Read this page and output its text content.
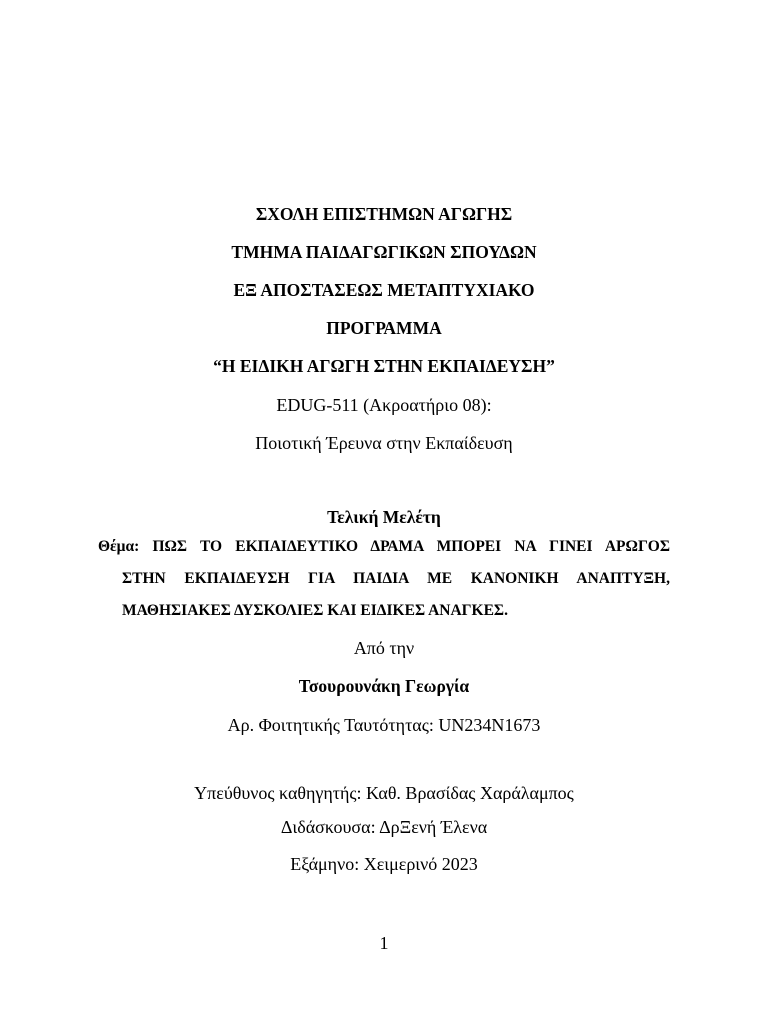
ΣΧΟΛΗ ΕΠΙΣΤΗΜΩΝ ΑΓΩΓΗΣ
ΤΜΗΜΑ ΠΑΙΔΑΓΩΓΙΚΩΝ ΣΠΟΥΔΩΝ
ΕΞ ΑΠΟΣΤΑΣΕΩΣ ΜΕΤΑΠΤΥΧΙΑΚΟ
ΠΡΟΓΡΑΜΜΑ
“Η ΕΙΔΙΚΗ ΑΓΩΓΗ ΣΤΗΝ ΕΚΠΑΙΔΕΥΣΗ”
EDUG-511 (Ακροατήριο 08):
Ποιοτική Έρευνα στην Εκπαίδευση
Τελική Μελέτη
Θέμα: ΠΩΣ ΤΟ ΕΚΠΑΙΔΕΥΤΙΚΟ ΔΡΑΜΑ ΜΠΟΡΕΙ ΝΑ ΓΙΝΕΙ ΑΡΩΓΟΣ
ΣΤΗΝ ΕΚΠΑΙΔΕΥΣΗ ΓΙΑ ΠΑΙΔΙΑ ΜΕ ΚΑΝΟΝΙΚΗ ΑΝΑΠΤΥΞΗ,
ΜΑΘΗΣΙΑΚΕΣ ΔΥΣΚΟΛΙΕΣ ΚΑΙ ΕΙΔΙΚΕΣ ΑΝΑΓΚΕΣ.
Από την
Τσουρουνάκη Γεωργία
Αρ. Φοιτητικής Ταυτότητας: UN234N1673
Υπεύθυνος καθηγητής: Καθ. Βρασίδας Χαράλαμπος
Διδάσκουσα: ΔρΞενή Έλενα
Εξάμηνο: Χειμερινό 2023
1
